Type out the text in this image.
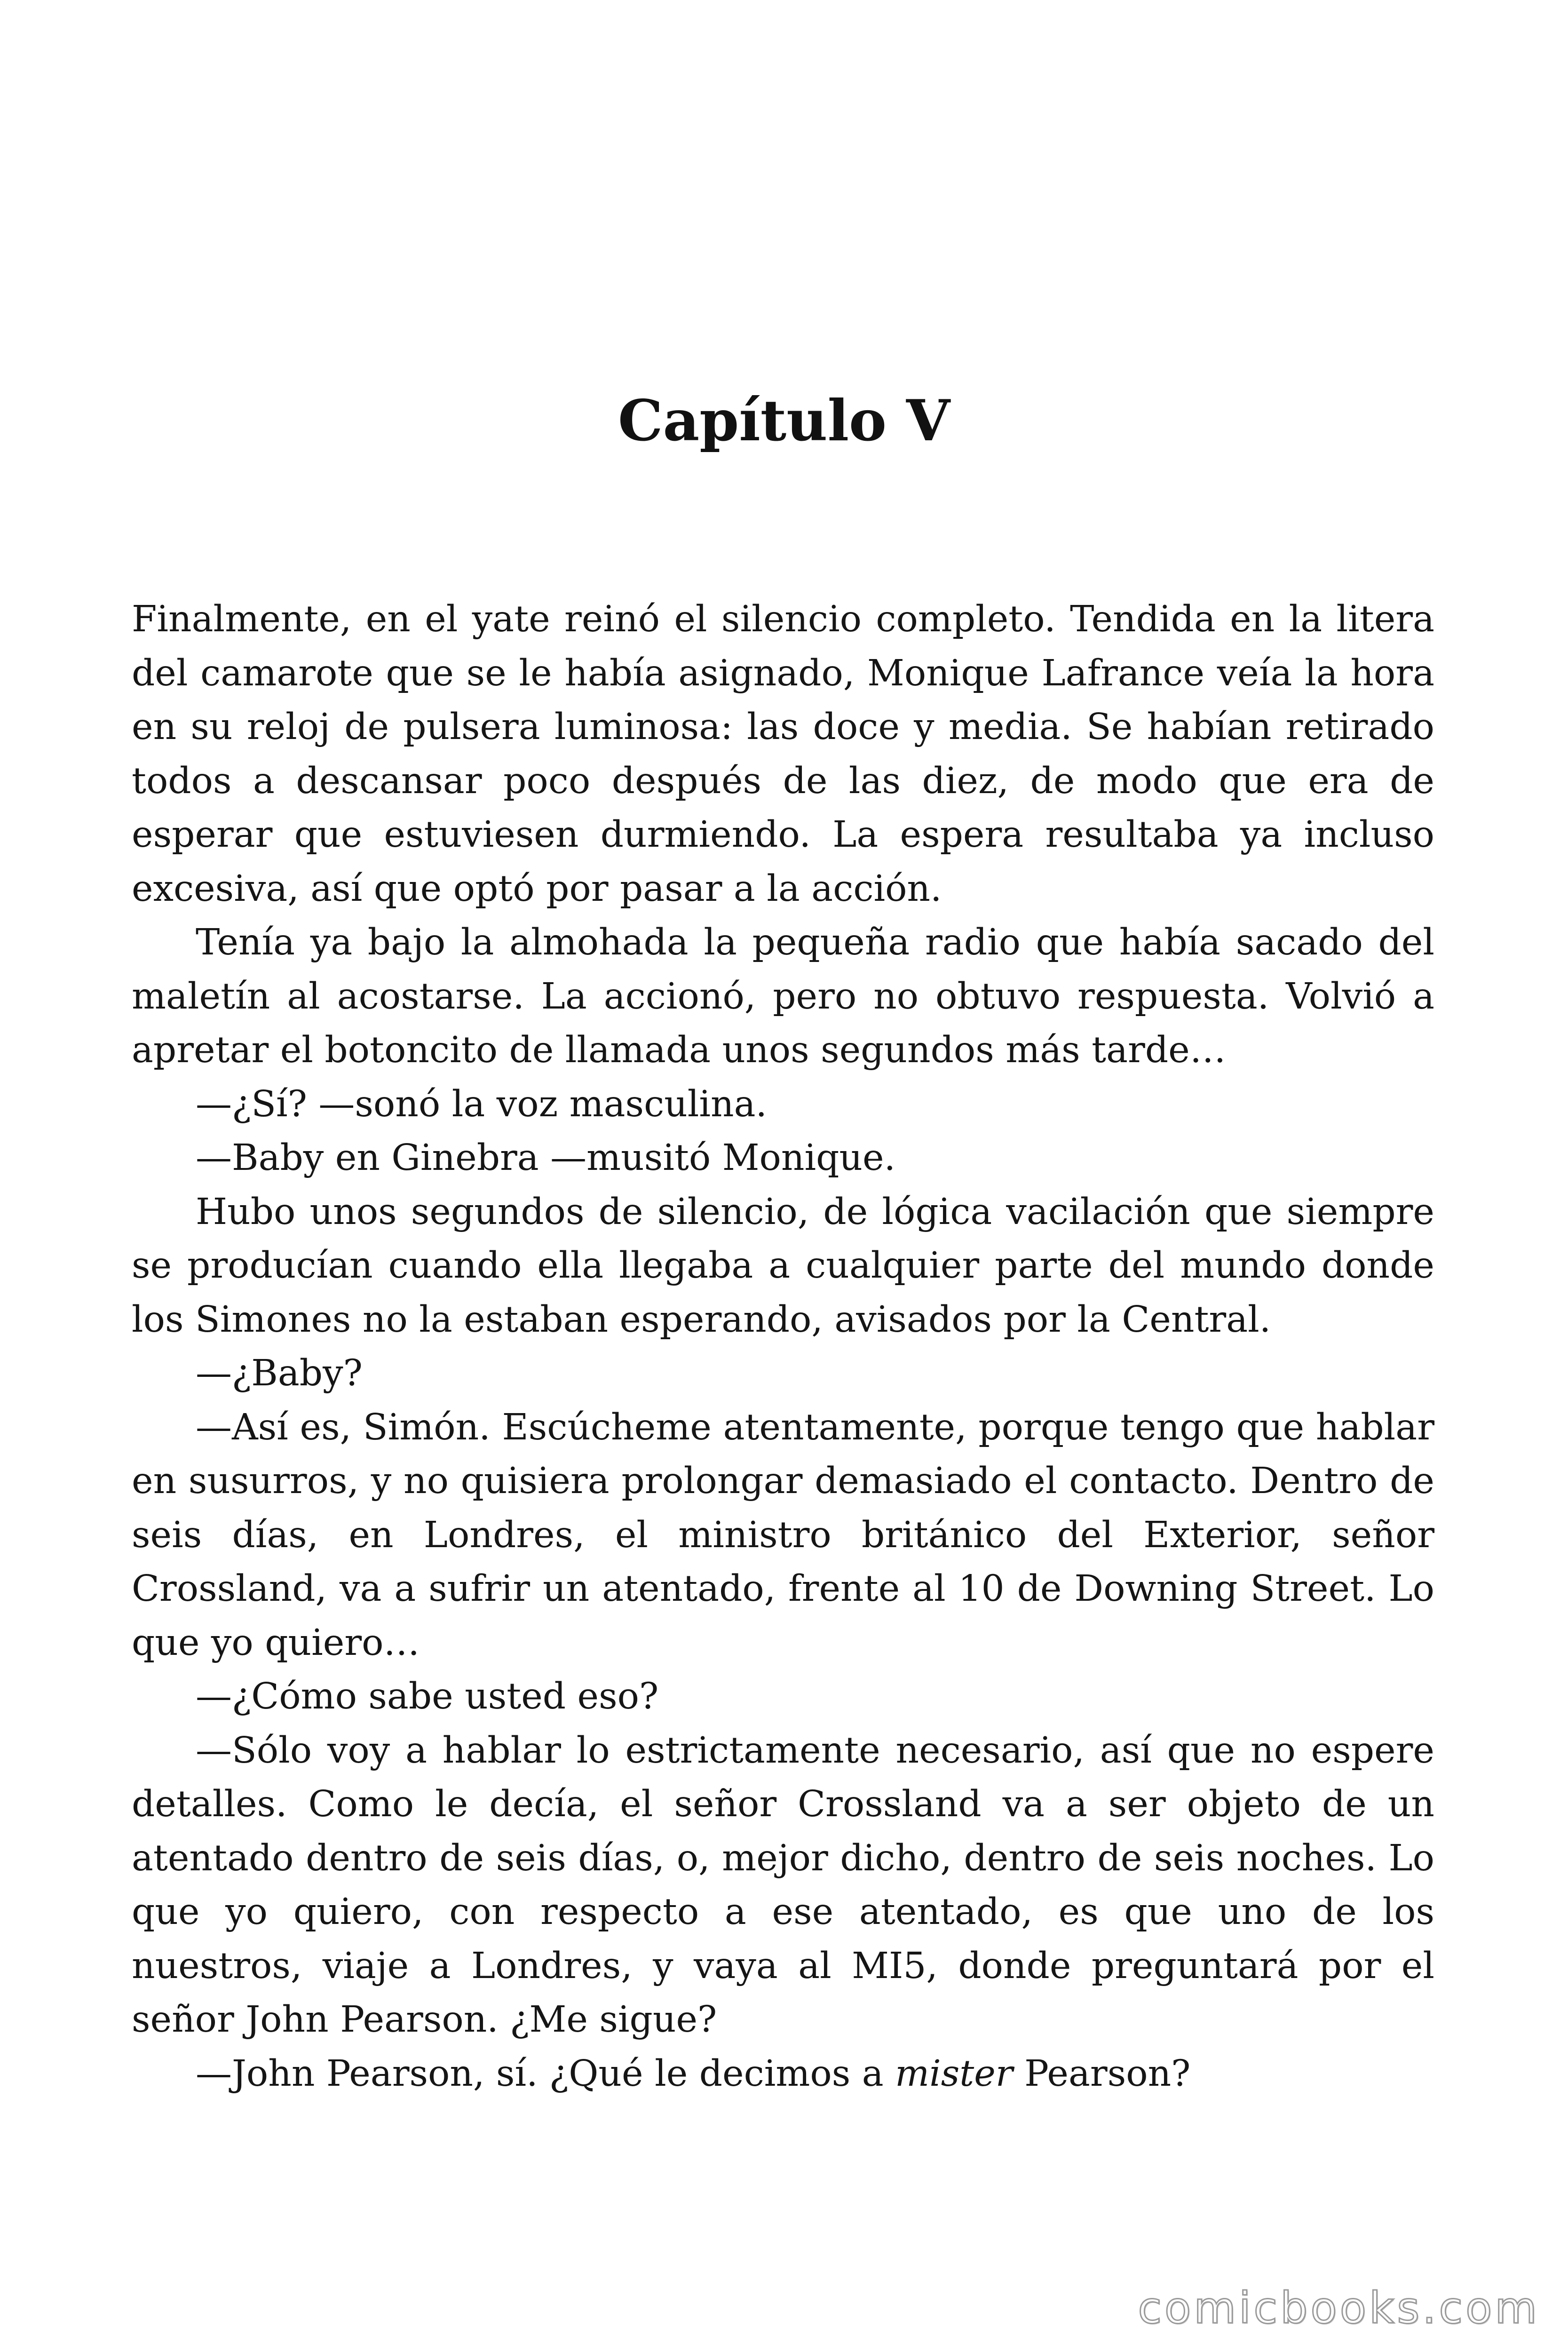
Capítulo V

Finalmente, en el yate reinó el silencio completo. Tendida en la litera del camarote que se le había asignado, Monique Lafrance veía la hora en su reloj de pulsera luminosa: las doce y media. Se habían retirado todos a descansar poco después de las diez, de modo que era de esperar que estuviesen durmiendo. La espera resultaba ya incluso excesiva, así que optó por pasar a la acción.

Tenía ya bajo la almohada la pequeña radio que había sacado del maletín al acostarse. La accionó, pero no obtuvo respuesta. Volvió a apretar el botoncito de llamada unos segundos más tarde…

—¿Sí? —sonó la voz masculina.

—Baby en Ginebra —musitó Monique.

Hubo unos segundos de silencio, de lógica vacilación que siempre se producían cuando ella llegaba a cualquier parte del mundo donde los Simones no la estaban esperando, avisados por la Central.

—¿Baby?

—Así es, Simón. Escúcheme atentamente, porque tengo que hablar en susurros, y no quisiera prolongar demasiado el contacto. Dentro de seis días, en Londres, el ministro británico del Exterior, señor Crossland, va a sufrir un atentado, frente al 10 de Downing Street. Lo que yo quiero…

—¿Cómo sabe usted eso?

—Sólo voy a hablar lo estrictamente necesario, así que no espere detalles. Como le decía, el señor Crossland va a ser objeto de un atentado dentro de seis días, o, mejor dicho, dentro de seis noches. Lo que yo quiero, con respecto a ese atentado, es que uno de los nuestros, viaje a Londres, y vaya al MI5, donde preguntará por el señor John Pearson. ¿Me sigue?

—John Pearson, sí. ¿Qué le decimos a mister Pearson?

comicbooks.com
